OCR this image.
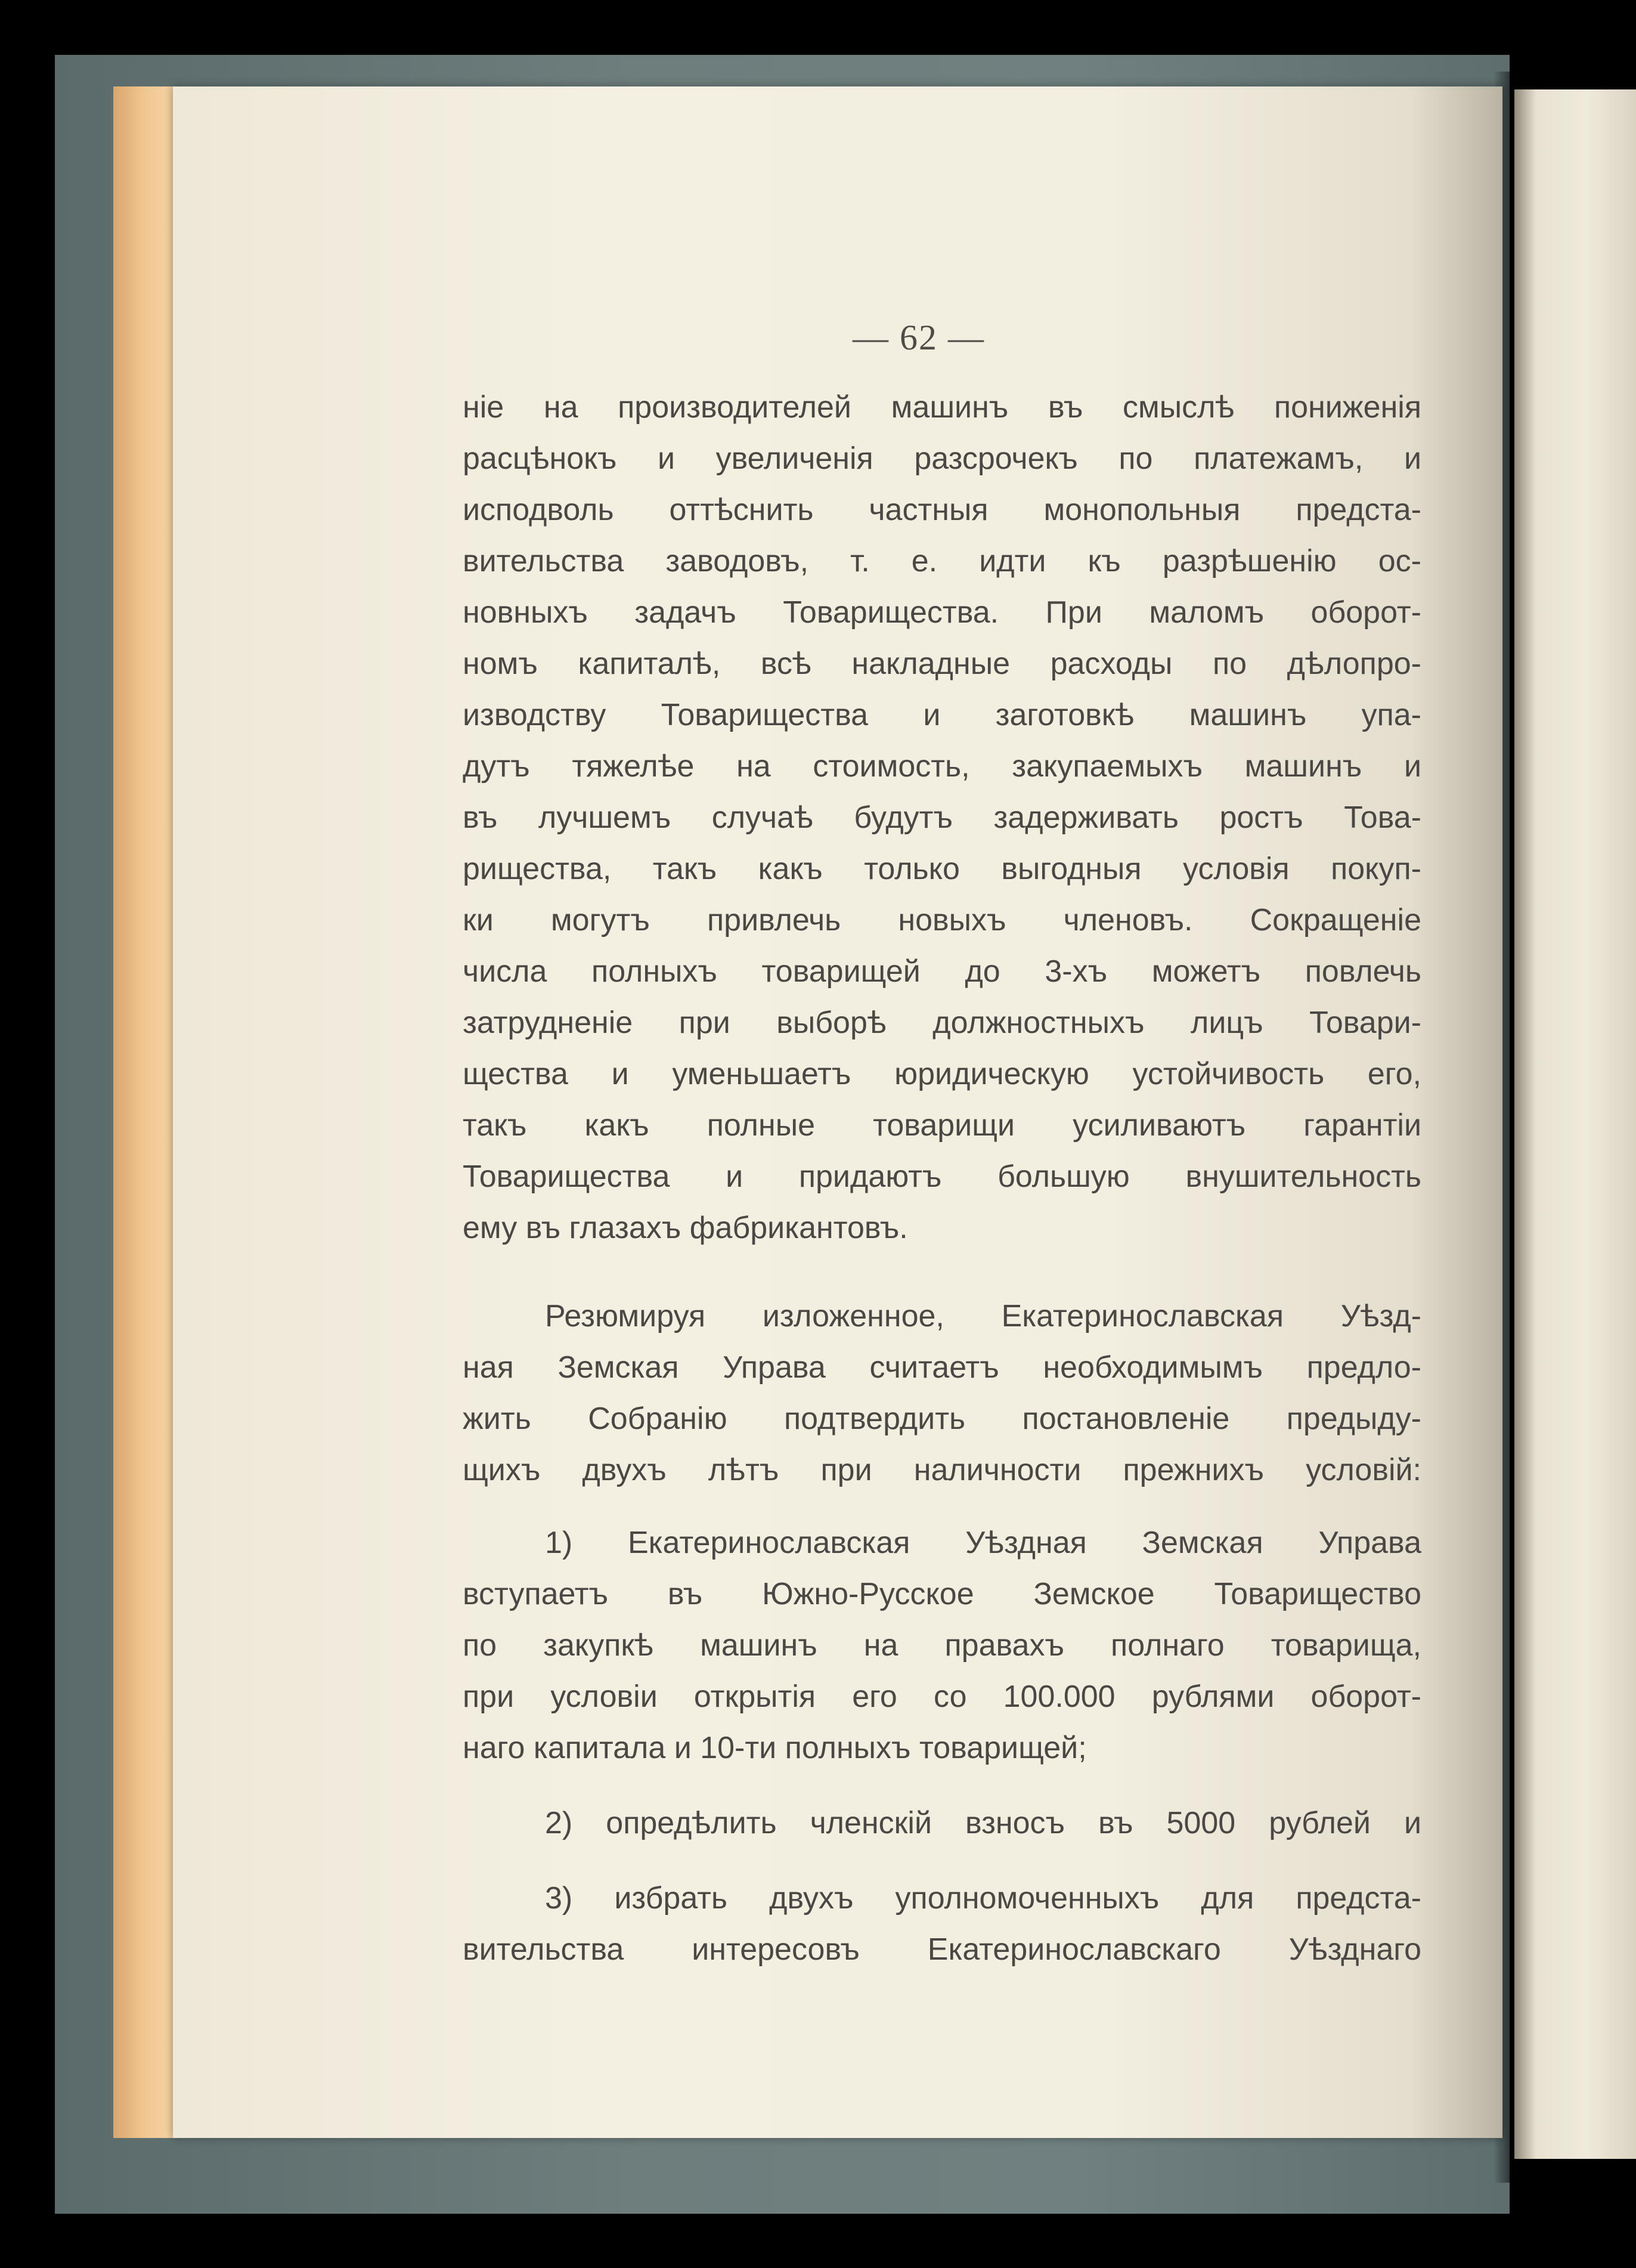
— 62 —
ніе на производителей машинъ въ смыслѣ пониженія
расцѣнокъ и увеличенія разсрочекъ по платежамъ, и
исподволь оттѣснить частныя монопольныя предста-
вительства заводовъ, т. е. идти къ разрѣшенію ос-
новныхъ задачъ Товарищества. При маломъ оборот-
номъ капиталѣ, всѣ накладные расходы по дѣлопро-
изводству Товарищества и заготовкѣ машинъ упа-
дутъ тяжелѣе на стоимость, закупаемыхъ машинъ и
въ лучшемъ случаѣ будутъ задерживать ростъ Това-
рищества, такъ какъ только выгодныя условія покуп-
ки могутъ привлечь новыхъ членовъ. Сокращеніе
числа полныхъ товарищей до 3-хъ можетъ повлечь
затрудненіе при выборѣ должностныхъ лицъ Товари-
щества и уменьшаетъ юридическую устойчивость его,
такъ какъ полные товарищи усиливаютъ гарантіи
Товарищества и придаютъ большую внушительность
ему въ глазахъ фабрикантовъ.
Резюмируя изложенное, Екатеринославская Уѣзд-
ная Земская Управа считаетъ необходимымъ предло-
жить Собранію подтвердить постановленіе предыду-
щихъ двухъ лѣтъ при наличности прежнихъ условій:
1) Екатеринославская Уѣздная Земская Управа
вступаетъ въ Южно-Русское Земское Товарищество
по закупкѣ машинъ на правахъ полнаго товарища,
при условіи открытія его со 100.000 рублями оборот-
наго капитала и 10-ти полныхъ товарищей;
2) опредѣлить членскій взносъ въ 5000 рублей и
3) избрать двухъ уполномоченныхъ для предста-
вительства интересовъ Екатеринославскаго Уѣзднаго
